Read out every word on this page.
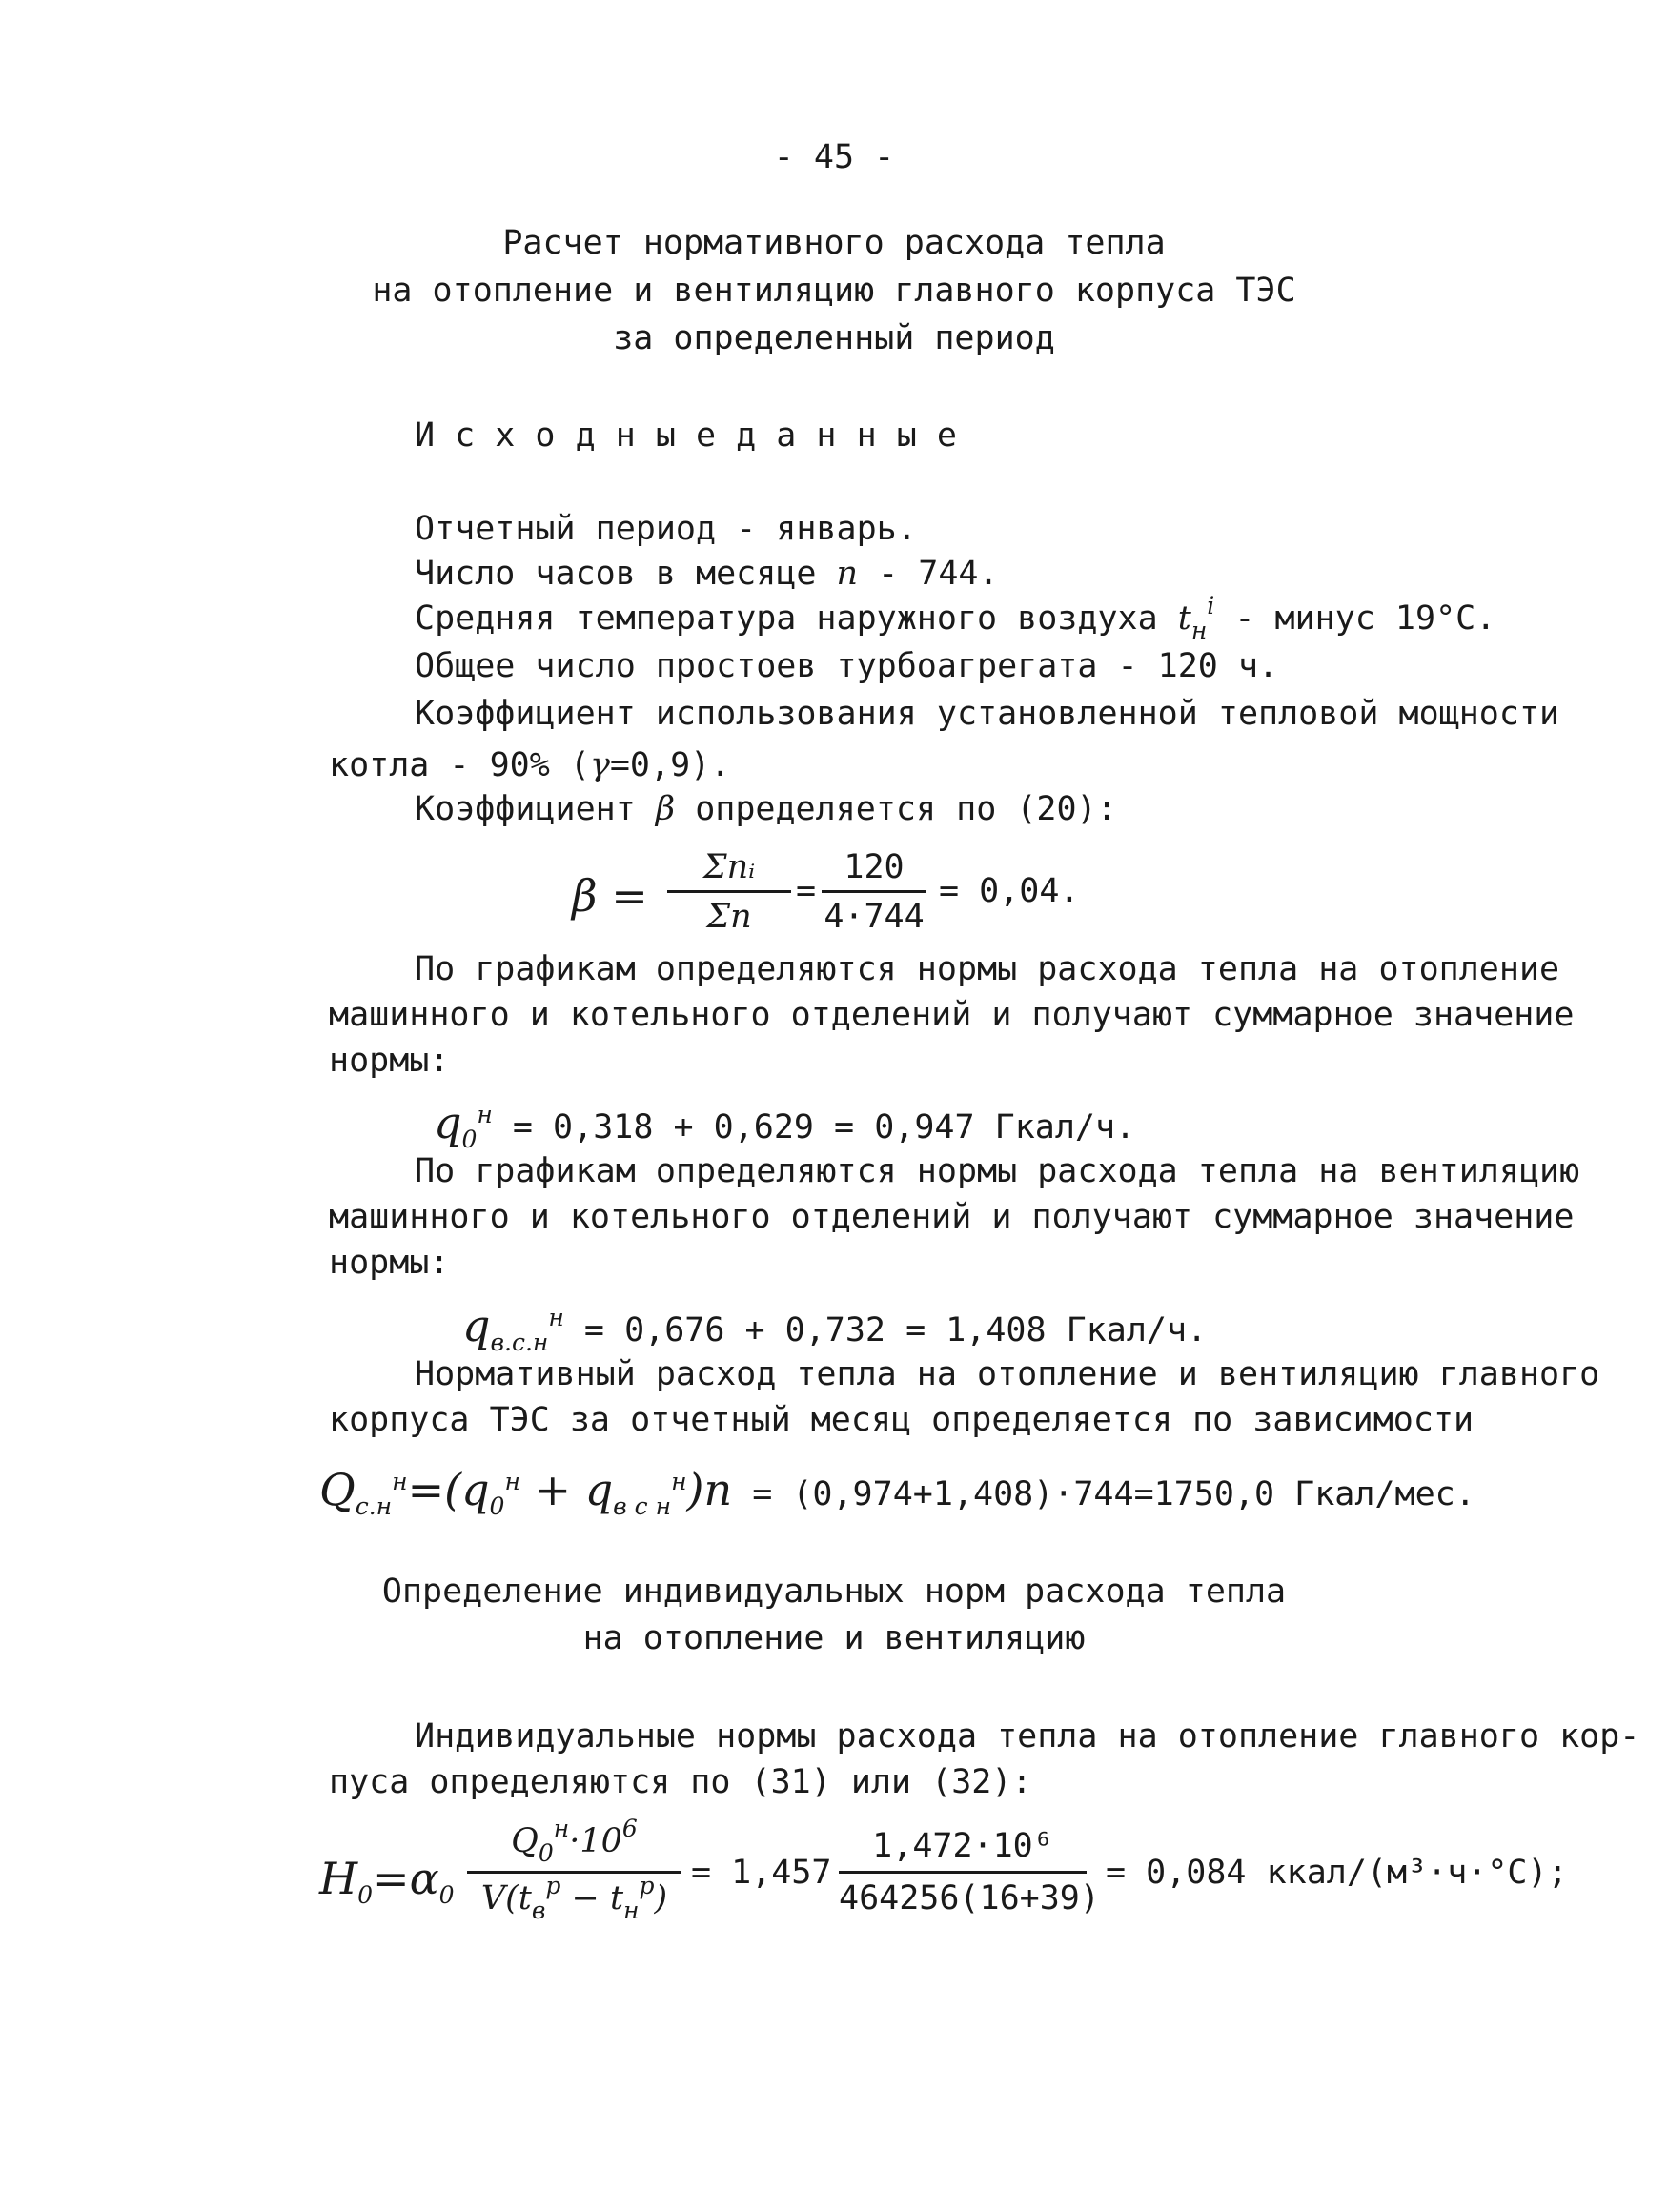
- 45 -
Расчет нормативного расхода тепла
на отопление и вентиляцию главного корпуса ТЭС
за определенный период
И с х о д н ы е д а н н ы е
Отчетный период - январь.
Число часов в месяце n - 744.
Средняя температура наружного воздуха $t_н^i$ - минус 19°С.
Общее число простоев турбоагрегата - 120 ч.
Коэффициент использования установленной тепловой мощности
котла - 90% (γ=0,9).
Коэффициент β определяется по (20):
β =
Σnᵢ
Σn
=
120
4·744
= 0,04.
По графикам определяются нормы расхода тепла на отопление
машинного и котельного отделений и получают суммарное значение
нормы:
$q_0^н = 0,318 + 0,629 = 0,947$ Гкал/ч.
По графикам определяются нормы расхода тепла на вентиляцию
машинного и котельного отделений и получают суммарное значение
нормы:
$q_{в.с.н}^н = 0,676 + 0,732 = 1,408$ Гкал/ч.
Нормативный расход тепла на отопление и вентиляцию главного
корпуса ТЭС за отчетный месяц определяется по зависимости
$Q_{с.н}^н=(q_0^н + q_{в с н}^н)n = (0,974+1,408)\cdot 744=1750,0$ Гкал/мес.
Определение индивидуальных норм расхода тепла
на отопление и вентиляцию
Индивидуальные нормы расхода тепла на отопление главного кор-
пуса определяются по (31) или (32):
$H_0=\alpha_0$
$Q_0^н\cdot 10^6$
$V(t_в^р - t_н^р)$
= 1,457
1,472·10⁶
464256(16+39)
= 0,084 ккал/(м³·ч·°С);
